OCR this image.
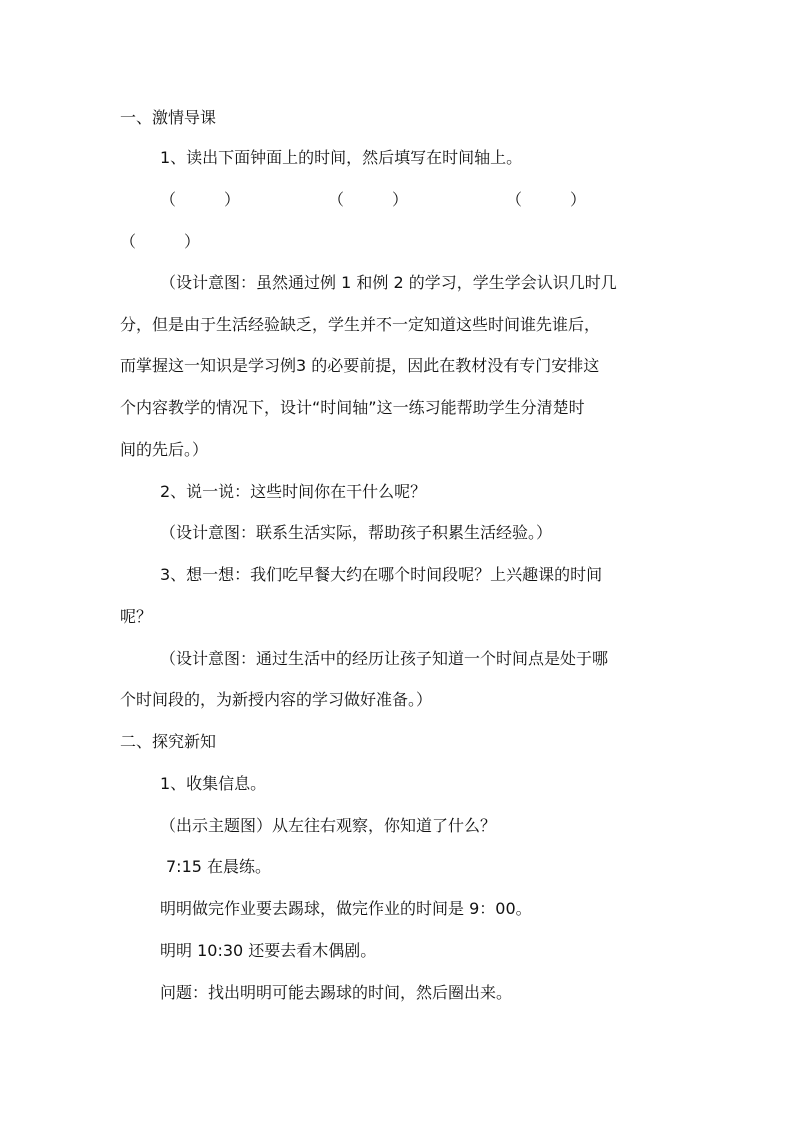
一、激情导课

1、读出下面钟面上的时间，然后填写在时间轴上。

（　　　）	（　　　）	（　　　）
（　　　）

（设计意图：虽然通过例 1 和例 2 的学习，学生学会认识几时几

分，但是由于生活经验缺乏，学生并不一定知道这些时间谁先谁后，

而掌握这一知识是学习例3 的必要前提，因此在教材没有专门安排这

个内容教学的情况下，设计“时间轴”这一练习能帮助学生分清楚时

间的先后。）

2、说一说：这些时间你在干什么呢？

（设计意图：联系生活实际，帮助孩子积累生活经验。）

3、想一想：我们吃早餐大约在哪个时间段呢？上兴趣课的时间

呢？

（设计意图：通过生活中的经历让孩子知道一个时间点是处于哪

个时间段的，为新授内容的学习做好准备。）

二、探究新知

1、收集信息。

（出示主题图）从左往右观察，你知道了什么？

7:15 在晨练。

明明做完作业要去踢球，做完作业的时间是 9：00。

明明 10:30 还要去看木偶剧。

问题：找出明明可能去踢球的时间，然后圈出来。
